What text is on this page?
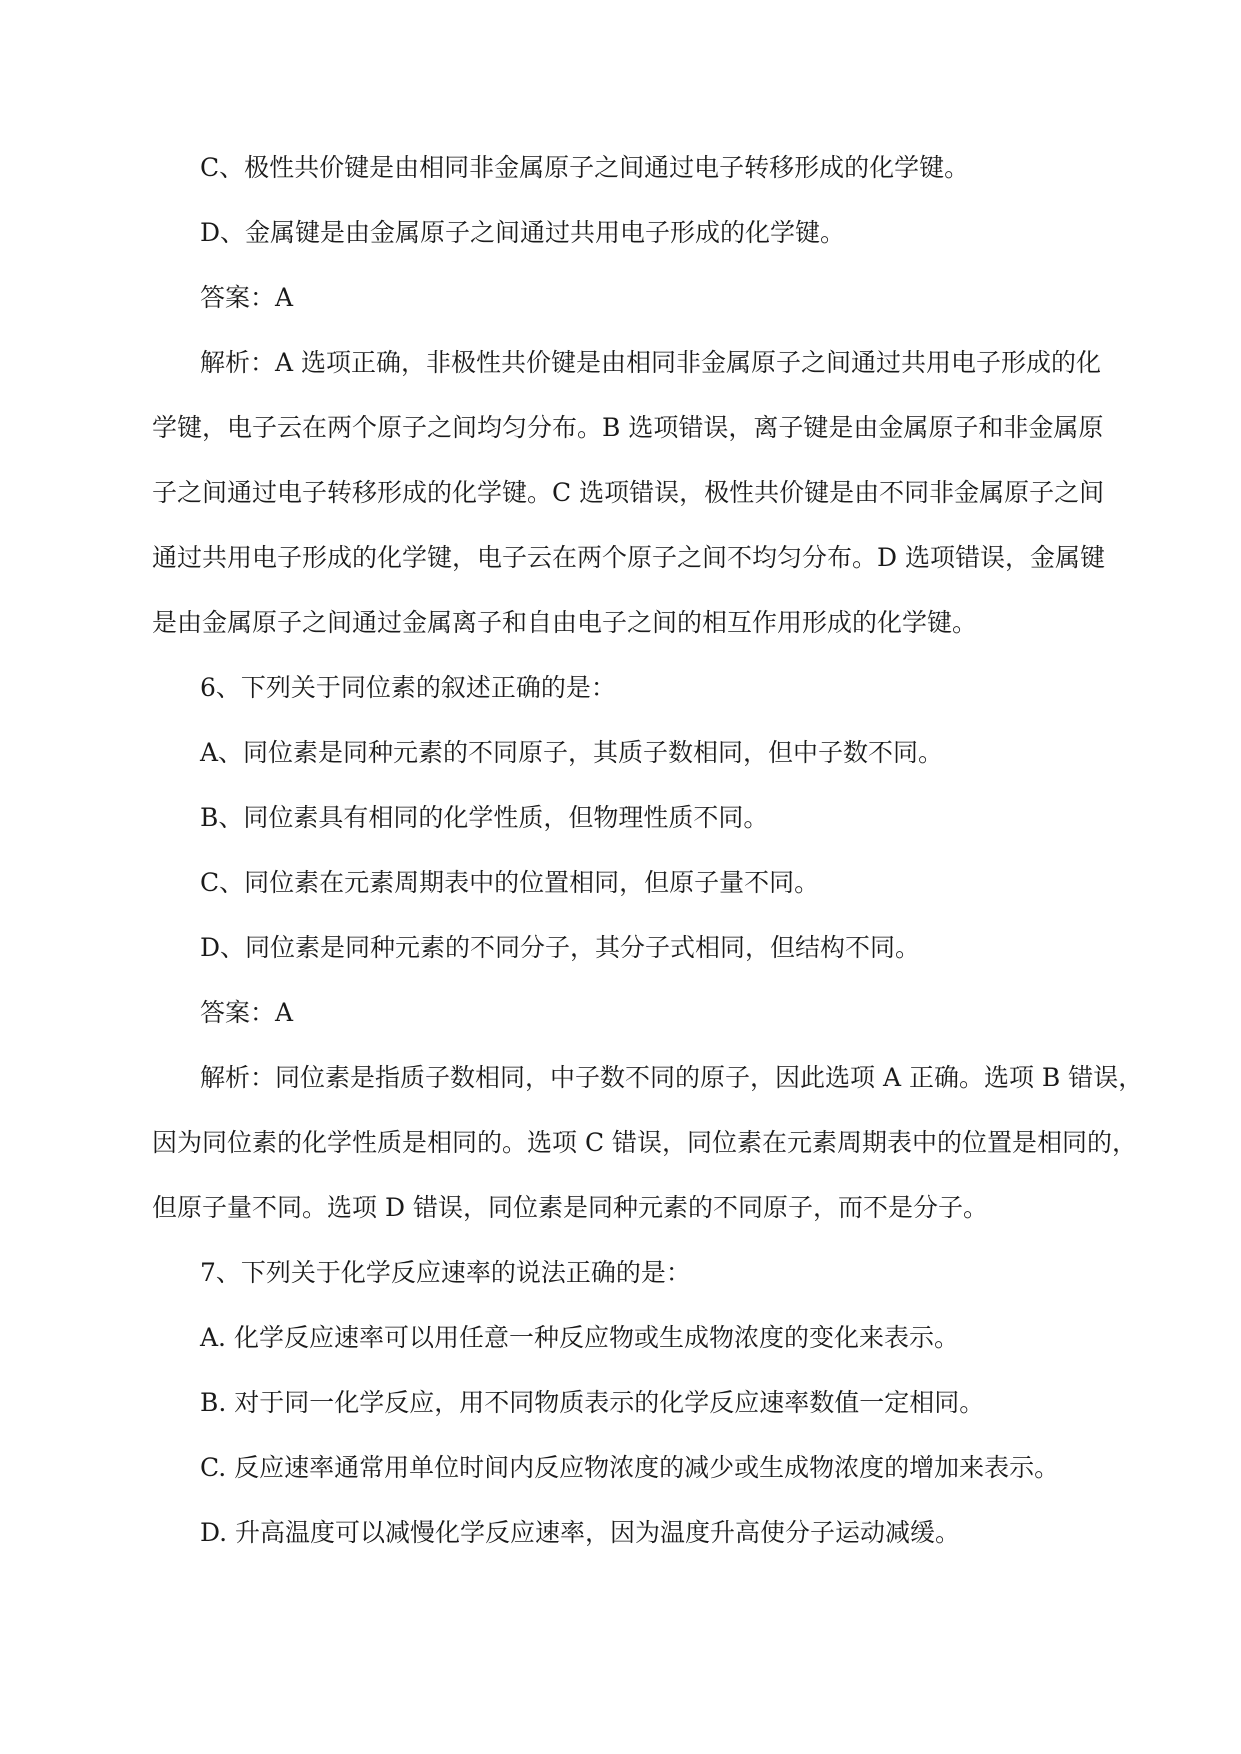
C、极性共价键是由相同非金属原子之间通过电子转移形成的化学键。
D、金属键是由金属原子之间通过共用电子形成的化学键。
答案：A
解析：A 选项正确，非极性共价键是由相同非金属原子之间通过共用电子形成的化
学键，电子云在两个原子之间均匀分布。B 选项错误，离子键是由金属原子和非金属原
子之间通过电子转移形成的化学键。C 选项错误，极性共价键是由不同非金属原子之间
通过共用电子形成的化学键，电子云在两个原子之间不均匀分布。D 选项错误，金属键
是由金属原子之间通过金属离子和自由电子之间的相互作用形成的化学键。
6、下列关于同位素的叙述正确的是：
A、同位素是同种元素的不同原子，其质子数相同，但中子数不同。
B、同位素具有相同的化学性质，但物理性质不同。
C、同位素在元素周期表中的位置相同，但原子量不同。
D、同位素是同种元素的不同分子，其分子式相同，但结构不同。
答案：A
解析：同位素是指质子数相同，中子数不同的原子，因此选项 A 正确。选项 B 错误，
因为同位素的化学性质是相同的。选项 C 错误，同位素在元素周期表中的位置是相同的，
但原子量不同。选项 D 错误，同位素是同种元素的不同原子，而不是分子。
7、下列关于化学反应速率的说法正确的是：
A. 化学反应速率可以用任意一种反应物或生成物浓度的变化来表示。
B. 对于同一化学反应，用不同物质表示的化学反应速率数值一定相同。
C. 反应速率通常用单位时间内反应物浓度的减少或生成物浓度的增加来表示。
D. 升高温度可以减慢化学反应速率，因为温度升高使分子运动减缓。
